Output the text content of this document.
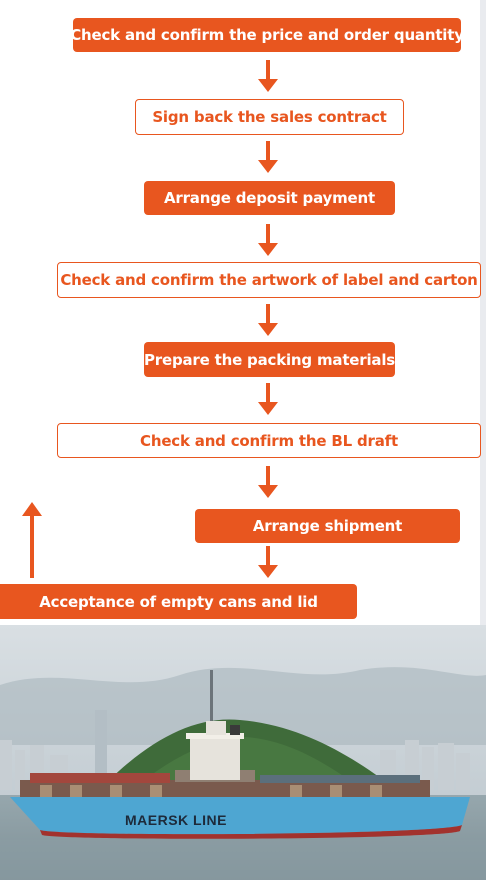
Check and confirm the price and order quantity
Sign back the sales contract
Arrange deposit payment
Check and confirm the artwork of label and carton
Prepare the packing materials
Check and confirm the BL draft
Arrange shipment
Acceptance of empty cans and lid
MAERSK LINE
